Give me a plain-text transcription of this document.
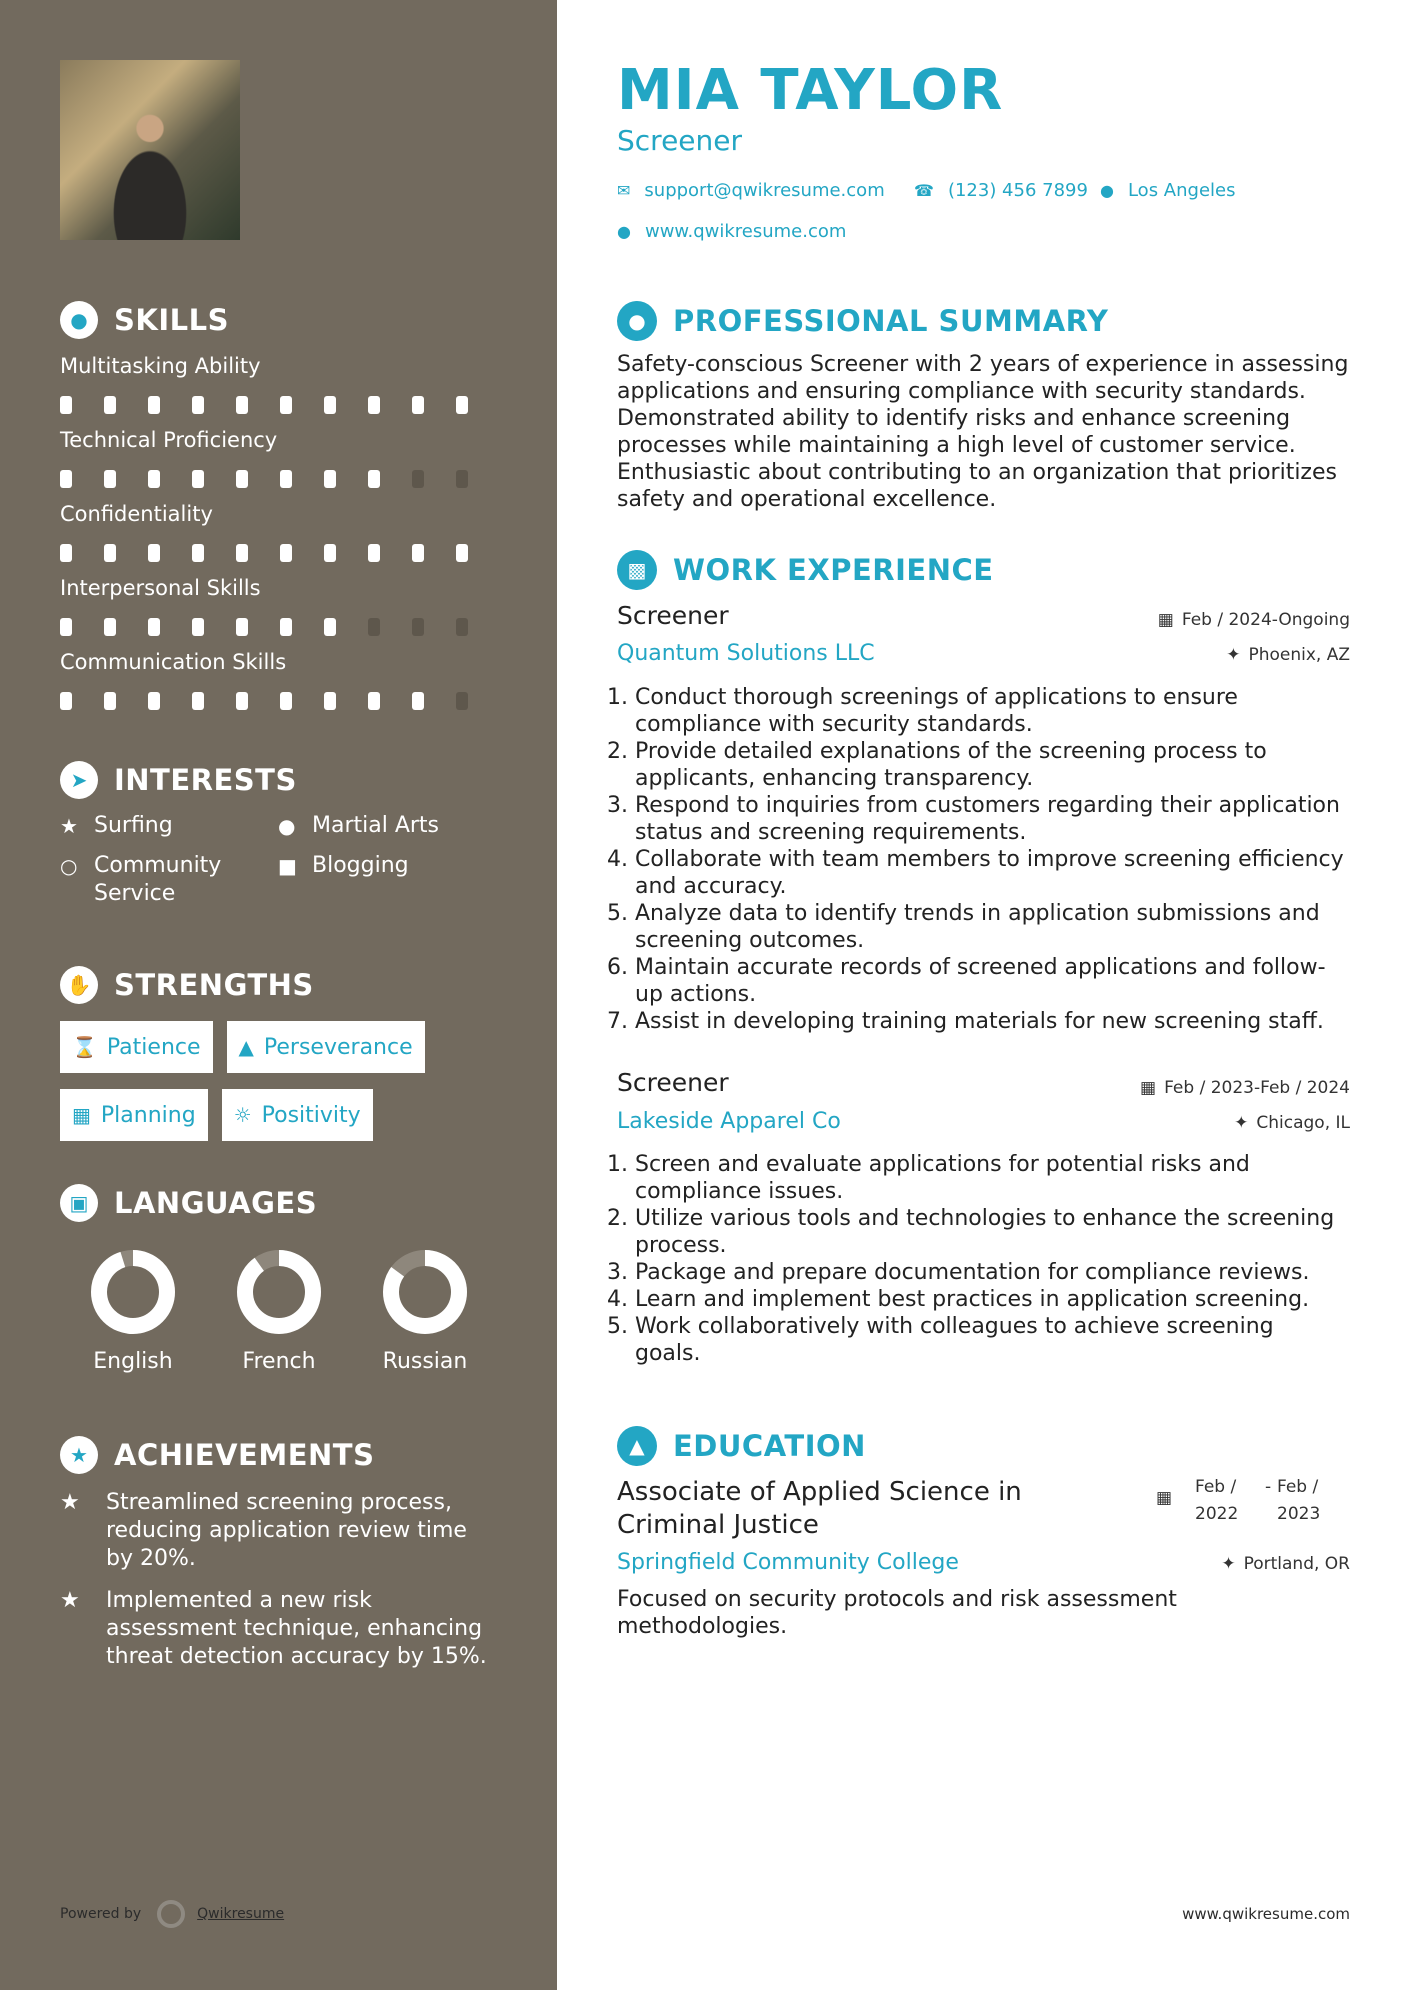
● SKILLS
Multitasking Ability
Technical Proficiency
Confidentiality
Interpersonal Skills
Communication Skills
➤ INTERESTS
★ Surfing	● Martial Arts
○ Community Service
■ Blogging
✋ STRENGTHS
⌛ Patience ▲ Perseverance
▦ Planning ☼ Positivity
▣ LANGUAGES
English	French	Russian
★ ACHIEVEMENTS
★	Streamlined screening process, reducing application review time by 20%.
★	Implemented a new risk assessment technique, enhancing threat detection accuracy by 15%.
Powered by	Qwikresume
MIA TAYLOR
Screener
✉ support@qwikresume.com ☎ (123) 456 7899 ● Los Angeles
● www.qwikresume.com
● PROFESSIONAL SUMMARY
Safety-conscious Screener with 2 years of experience in assessing applications and ensuring compliance with security standards. Demonstrated ability to identify risks and enhance screening processes while maintaining a high level of customer service. Enthusiastic about contributing to an organization that prioritizes safety and operational excellence.
▩ WORK EXPERIENCE
Screener	▦ Feb / 2024-Ongoing
Quantum Solutions LLC	✦ Phoenix, AZ
1. Conduct thorough screenings of applications to ensure compliance with security standards.
2. Provide detailed explanations of the screening process to applicants, enhancing transparency.
3. Respond to inquiries from customers regarding their application status and screening requirements.
4. Collaborate with team members to improve screening efficiency and accuracy.
5. Analyze data to identify trends in application submissions and screening outcomes.
6. Maintain accurate records of screened applications and follow-up actions.
7. Assist in developing training materials for new screening staff.
Screener	▦ Feb / 2023-Feb / 2024
Lakeside Apparel Co	✦ Chicago, IL
1. Screen and evaluate applications for potential risks and compliance issues.
2. Utilize various tools and technologies to enhance the screening process.
3. Package and prepare documentation for compliance reviews.
4. Learn and implement best practices in application screening.
5. Work collaboratively with colleagues to achieve screening goals.
▲ EDUCATION
Associate of Applied Science in Criminal Justice
▦
Feb /
2022
- Feb /
2023
Springfield Community College	✦ Portland, OR
Focused on security protocols and risk assessment methodologies.
www.qwikresume.com
